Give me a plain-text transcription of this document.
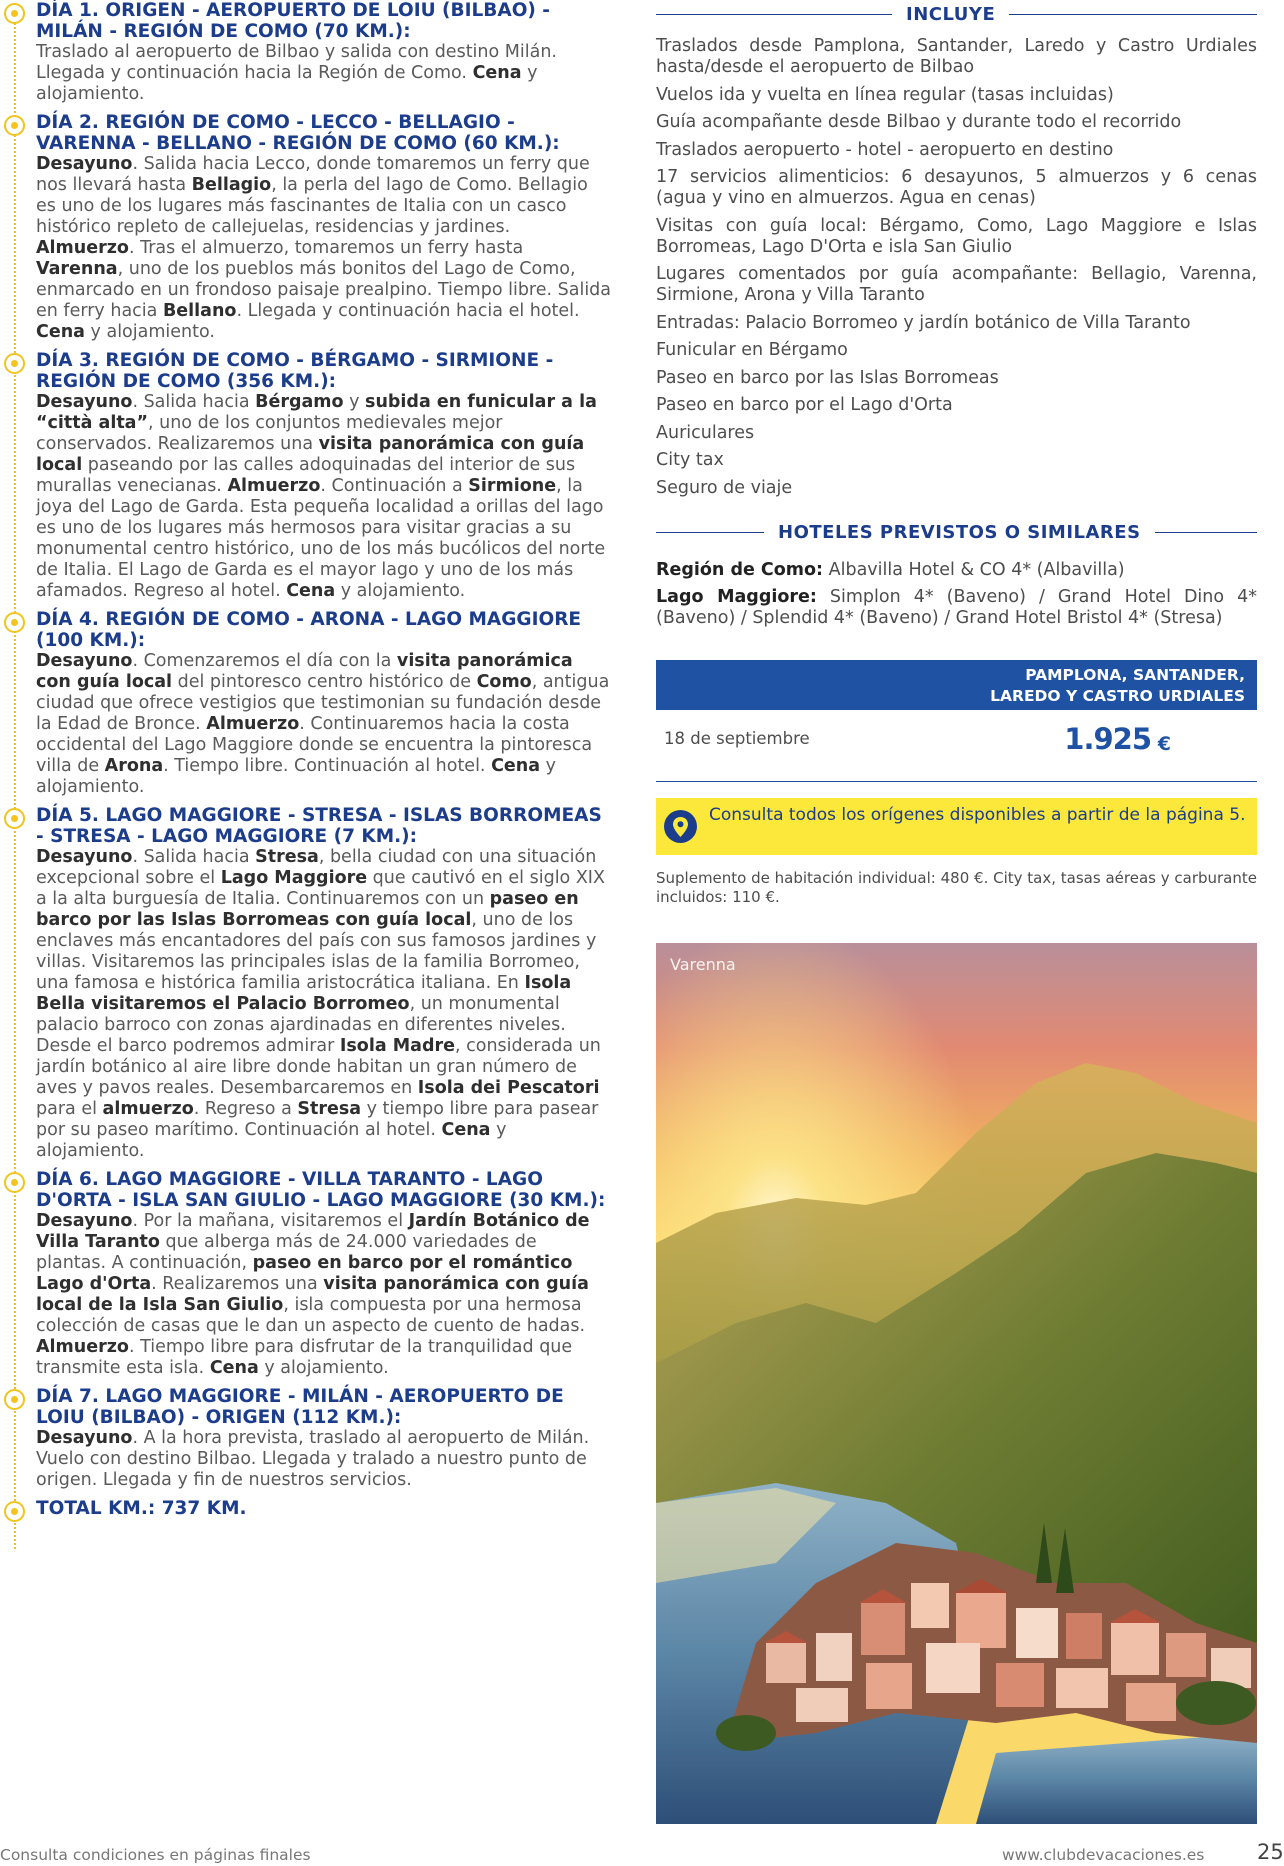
DÍA 1. ORIGEN - AEROPUERTO DE LOIU (BILBAO) - MILÁN - REGIÓN DE COMO (70 KM.):
Traslado al aeropuerto de Bilbao y salida con destino Milán. Llegada y continuación hacia la Región de Como. Cena y alojamiento.
DÍA 2. REGIÓN DE COMO - LECCO - BELLAGIO - VARENNA - BELLANO - REGIÓN DE COMO (60 KM.):
Desayuno. Salida hacia Lecco, donde tomaremos un ferry que nos llevará hasta Bellagio, la perla del lago de Como. Bellagio es uno de los lugares más fascinantes de Italia con un casco histórico repleto de callejuelas, residencias y jardines. Almuerzo. Tras el almuerzo, tomaremos un ferry hasta Varenna, uno de los pueblos más bonitos del Lago de Como, enmarcado en un frondoso paisaje prealpino. Tiempo libre. Salida en ferry hacia Bellano. Llegada y continuación hacia el hotel. Cena y alojamiento.
DÍA 3. REGIÓN DE COMO - BÉRGAMO - SIRMIONE - REGIÓN DE COMO (356 KM.):
Desayuno. Salida hacia Bérgamo y subida en funicular a la “città alta”, uno de los conjuntos medievales mejor conservados. Realizaremos una visita panorámica con guía local paseando por las calles adoquinadas del interior de sus murallas venecianas. Almuerzo. Continuación a Sirmione, la joya del Lago de Garda. Esta pequeña localidad a orillas del lago es uno de los lugares más hermosos para visitar gracias a su monumental centro histórico, uno de los más bucólicos del norte de Italia. El Lago de Garda es el mayor lago y uno de los más afamados. Regreso al hotel. Cena y alojamiento.
DÍA 4. REGIÓN DE COMO - ARONA - LAGO MAGGIORE (100 KM.):
Desayuno. Comenzaremos el día con la visita panorámica con guía local del pintoresco centro histórico de Como, antigua ciudad que ofrece vestigios que testimonian su fundación desde la Edad de Bronce. Almuerzo. Continuaremos hacia la costa occidental del Lago Maggiore donde se encuentra la pintoresca villa de Arona. Tiempo libre. Continuación al hotel. Cena y alojamiento.
DÍA 5. LAGO MAGGIORE - STRESA - ISLAS BORROMEAS - STRESA - LAGO MAGGIORE (7 KM.):
Desayuno. Salida hacia Stresa, bella ciudad con una situación excepcional sobre el Lago Maggiore que cautivó en el siglo XIX a la alta burguesía de Italia. Continuaremos con un paseo en barco por las Islas Borromeas con guía local, uno de los enclaves más encantadores del país con sus famosos jardines y villas. Visitaremos las principales islas de la familia Borromeo, una famosa e histórica familia aristocrática italiana. En Isola Bella visitaremos el Palacio Borromeo, un monumental palacio barroco con zonas ajardinadas en diferentes niveles. Desde el barco podremos admirar Isola Madre, considerada un jardín botánico al aire libre donde habitan un gran número de aves y pavos reales. Desembarcaremos en Isola dei Pescatori para el almuerzo. Regreso a Stresa y tiempo libre para pasear por su paseo marítimo. Continuación al hotel. Cena y alojamiento.
DÍA 6. LAGO MAGGIORE - VILLA TARANTO - LAGO D'ORTA - ISLA SAN GIULIO - LAGO MAGGIORE (30 KM.):
Desayuno. Por la mañana, visitaremos el Jardín Botánico de Villa Taranto que alberga más de 24.000 variedades de plantas. A continuación, paseo en barco por el romántico Lago d'Orta. Realizaremos una visita panorámica con guía local de la Isla San Giulio, isla compuesta por una hermosa colección de casas que le dan un aspecto de cuento de hadas. Almuerzo. Tiempo libre para disfrutar de la tranquilidad que transmite esta isla. Cena y alojamiento.
DÍA 7. LAGO MAGGIORE - MILÁN - AEROPUERTO DE LOIU (BILBAO) - ORIGEN (112 KM.):
Desayuno. A la hora prevista, traslado al aeropuerto de Milán. Vuelo con destino Bilbao. Llegada y tralado a nuestro punto de origen. Llegada y fin de nuestros servicios.
TOTAL KM.: 737 KM.
INCLUYE
Traslados desde Pamplona, Santander, Laredo y Castro Urdiales hasta/desde el aeropuerto de Bilbao
Vuelos ida y vuelta en línea regular (tasas incluidas)
Guía acompañante desde Bilbao y durante todo el recorrido
Traslados aeropuerto - hotel - aeropuerto en destino
17 servicios alimenticios: 6 desayunos, 5 almuerzos y 6 cenas (agua y vino en almuerzos. Agua en cenas)
Visitas con guía local: Bérgamo, Como, Lago Maggiore e Islas Borromeas, Lago D'Orta e isla San Giulio
Lugares comentados por guía acompañante: Bellagio, Varenna, Sirmione, Arona y Villa Taranto
Entradas: Palacio Borromeo y jardín botánico de Villa Taranto
Funicular en Bérgamo
Paseo en barco por las Islas Borromeas
Paseo en barco por el Lago d'Orta
Auriculares
City tax
Seguro de viaje
HOTELES PREVISTOS O SIMILARES
Región de Como: Albavilla Hotel & CO 4* (Albavilla)
Lago Maggiore: Simplon 4* (Baveno) / Grand Hotel Dino 4* (Baveno) / Splendid 4* (Baveno) / Grand Hotel Bristol 4* (Stresa)
PAMPLONA, SANTANDER,
LAREDO Y CASTRO URDIALES
18 de septiembre	1.925 €
Consulta todos los orígenes disponibles a partir de la página 5.
Suplemento de habitación individual: 480 €. City tax, tasas aéreas y carburante incluidos: 110 €.
Varenna
Consulta condiciones en páginas finales	www.clubdevacaciones.es	25
